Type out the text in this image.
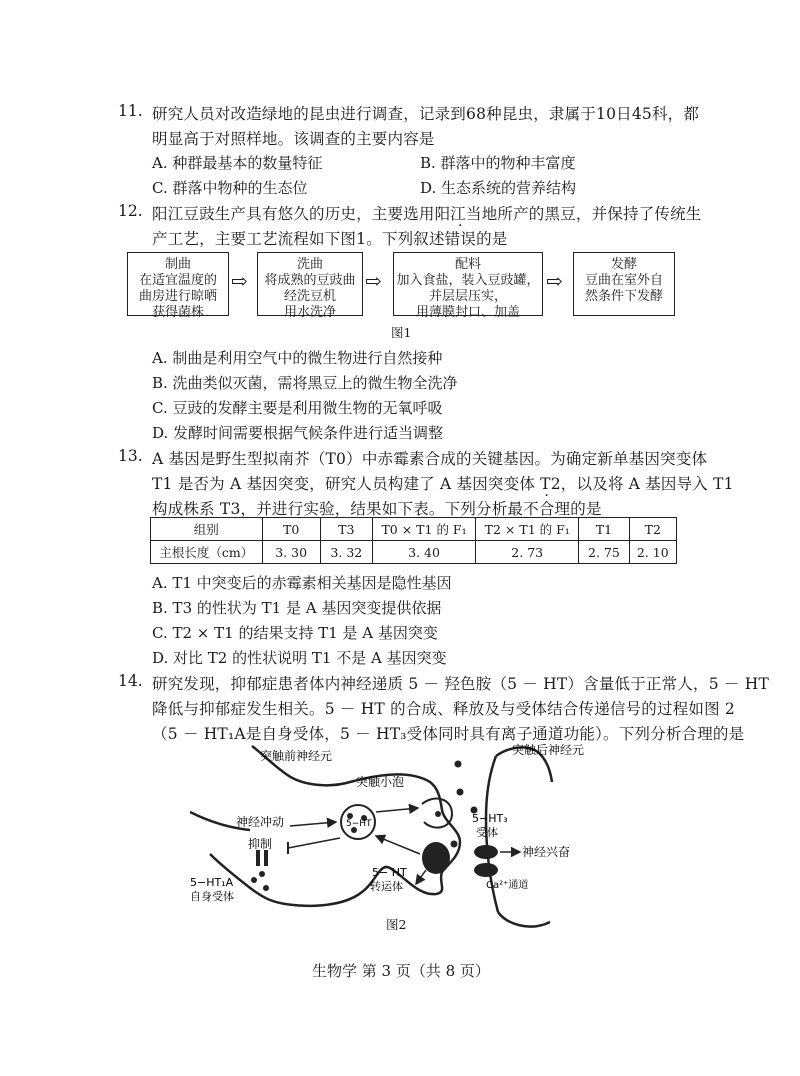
11. 研究人员对改造绿地的昆虫进行调查，记录到68种昆虫，隶属于10日45科，都
明显高于对照样地。该调查的主要内容是
A. 种群最基本的数量特征	B. 群落中的物种丰富度
C. 群落中物种的生态位	D. 生态系统的营养结构
12. 阳江豆豉生产具有悠久的历史，主要选用阳江当地所产的黑豆，并保持了传统生
产工艺，主要工艺流程如下图1。下列叙述错误的是
制曲
在适宜温度的
曲房进行晾晒
获得菌株
⇨
洗曲
将成熟的豆豉曲
经洗豆机
用水洗净
⇨
配料
加入食盐，装入豆豉罐，
并层层压实，
用薄膜封口、加盖
⇨
发酵
豆曲在室外自
然条件下发酵
图1
A. 制曲是利用空气中的微生物进行自然接种
B. 洗曲类似灭菌，需将黑豆上的微生物全洗净
C. 豆豉的发酵主要是利用微生物的无氧呼吸
D. 发酵时间需要根据气候条件进行适当调整
13. A 基因是野生型拟南芥（T0）中赤霉素合成的关键基因。为确定新单基因突变体
T1 是否为 A 基因突变，研究人员构建了 A 基因突变体 T2，以及将 A 基因导入 T1
构成株系 T3，并进行实验，结果如下表。下列分析最不合理的是
组别	T0	T3	T0 × T1 的 F₁	T2 × T1 的 F₁	T1	T2
主根长度（cm）	3. 30	3. 32	3. 40	2. 73	2. 75	2. 10
A. T1 中突变后的赤霉素相关基因是隐性基因
B. T3 的性状为 T1 是 A 基因突变提供依据
C. T2 × T1 的结果支持 T1 是 A 基因突变
D. 对比 T2 的性状说明 T1 不是 A 基因突变
14. 研究发现，抑郁症患者体内神经递质 5 － 羟色胺（5 － HT）含量低于正常人，5 － HT
降低与抑郁症发生相关。5 － HT 的合成、释放及与受体结合传递信号的过程如图 2
（5 － HT₁A是自身受体，5 － HT₃受体同时具有离子通道功能）。下列分析合理的是
突触前神经元	突触后神经元
突触小泡
5−HT
神经冲动
抑制
5−HT₁A
自身受体
5− HT
转运体
5−HT₃
受体
神经兴奋
Ca²⁺通道
图2
生物学 第 3 页（共 8 页）
